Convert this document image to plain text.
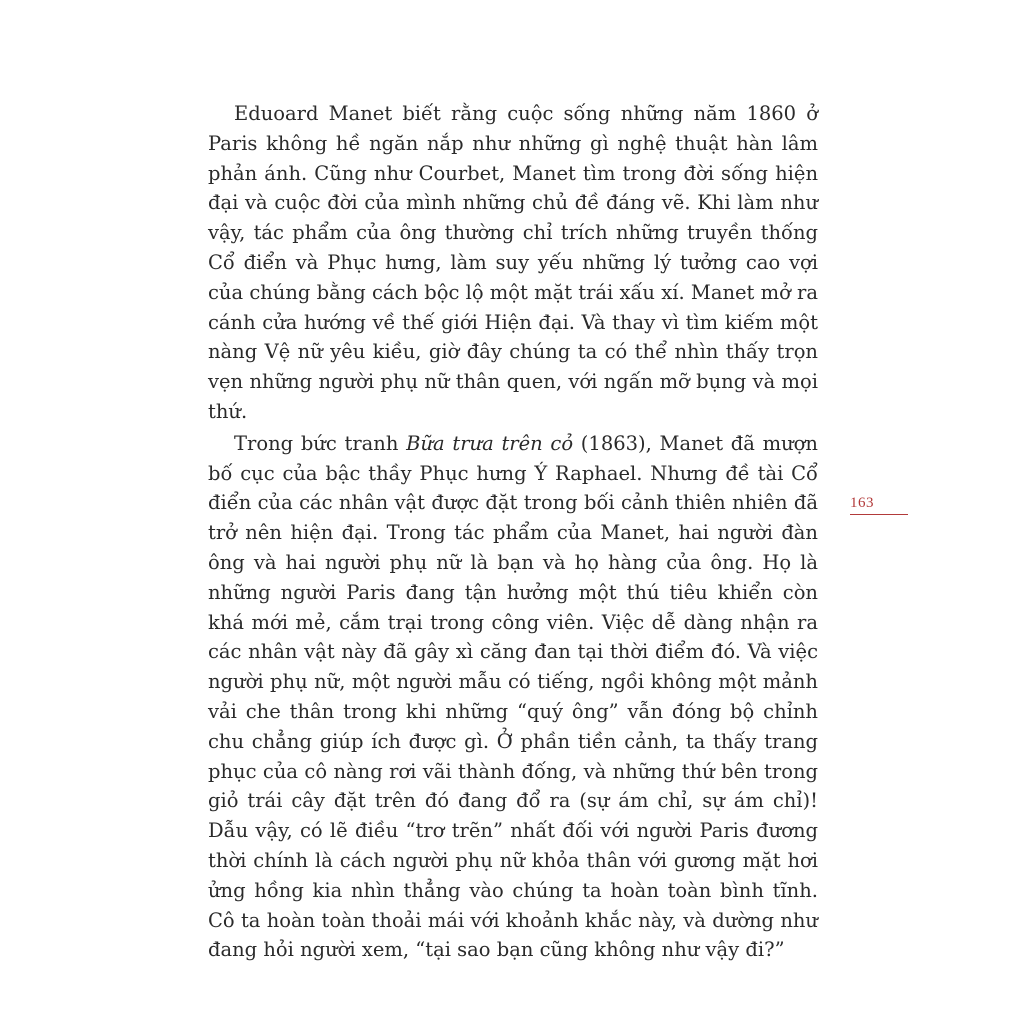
Eduoard Manet biết rằng cuộc sống những năm 1860 ở Paris không hề ngăn nắp như những gì nghệ thuật hàn lâm phản ánh. Cũng như Courbet, Manet tìm trong đời sống hiện đại và cuộc đời của mình những chủ đề đáng vẽ. Khi làm như vậy, tác phẩm của ông thường chỉ trích những truyền thống Cổ điển và Phục hưng, làm suy yếu những lý tưởng cao vợi của chúng bằng cách bộc lộ một mặt trái xấu xí. Manet mở ra cánh cửa hướng về thế giới Hiện đại. Và thay vì tìm kiếm một nàng Vệ nữ yêu kiều, giờ đây chúng ta có thể nhìn thấy trọn vẹn những người phụ nữ thân quen, với ngấn mỡ bụng và mọi thứ.

Trong bức tranh Bữa trưa trên cỏ (1863), Manet đã mượn bố cục của bậc thầy Phục hưng Ý Raphael. Nhưng đề tài Cổ điển của các nhân vật được đặt trong bối cảnh thiên nhiên đã trở nên hiện đại. Trong tác phẩm của Manet, hai người đàn ông và hai người phụ nữ là bạn và họ hàng của ông. Họ là những người Paris đang tận hưởng một thú tiêu khiển còn khá mới mẻ, cắm trại trong công viên. Việc dễ dàng nhận ra các nhân vật này đã gây xì căng đan tại thời điểm đó. Và việc người phụ nữ, một người mẫu có tiếng, ngồi không một mảnh vải che thân trong khi những “quý ông” vẫn đóng bộ chỉnh chu chẳng giúp ích được gì. Ở phần tiền cảnh, ta thấy trang phục của cô nàng rơi vãi thành đống, và những thứ bên trong giỏ trái cây đặt trên đó đang đổ ra (sự ám chỉ, sự ám chỉ)! Dẫu vậy, có lẽ điều “trơ trẽn” nhất đối với người Paris đương thời chính là cách người phụ nữ khỏa thân với gương mặt hơi ửng hồng kia nhìn thẳng vào chúng ta hoàn toàn bình tĩnh. Cô ta hoàn toàn thoải mái với khoảnh khắc này, và dường như đang hỏi người xem, “tại sao bạn cũng không như vậy đi?”

163
